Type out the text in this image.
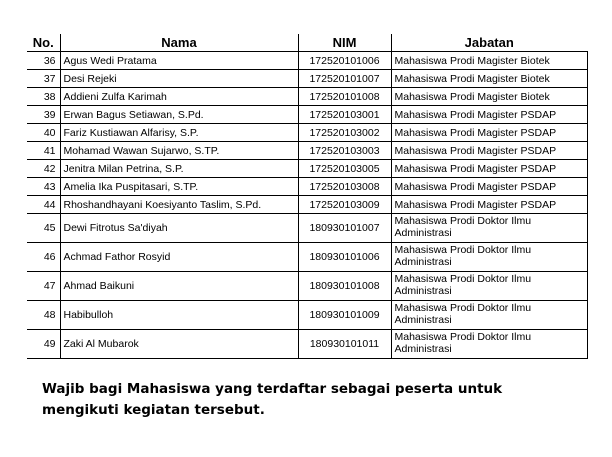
No.	Nama	NIM	Jabatan
36	Agus Wedi Pratama	172520101006	Mahasiswa Prodi Magister Biotek
37	Desi Rejeki	172520101007	Mahasiswa Prodi Magister Biotek
38	Addieni Zulfa Karimah	172520101008	Mahasiswa Prodi Magister Biotek
39	Erwan Bagus Setiawan, S.Pd.	172520103001	Mahasiswa Prodi Magister PSDAP
40	Fariz Kustiawan Alfarisy, S.P.	172520103002	Mahasiswa Prodi Magister PSDAP
41	Mohamad Wawan Sujarwo, S.TP.	172520103003	Mahasiswa Prodi Magister PSDAP
42	Jenitra Milan Petrina, S.P.	172520103005	Mahasiswa Prodi Magister PSDAP
43	Amelia Ika Puspitasari, S.TP.	172520103008	Mahasiswa Prodi Magister PSDAP
44	Rhoshandhayani Koesiyanto Taslim, S.Pd.	172520103009	Mahasiswa Prodi Magister PSDAP
45	Dewi Fitrotus Sa'diyah	180930101007	Mahasiswa Prodi Doktor Ilmu Administrasi
46	Achmad Fathor Rosyid	180930101006	Mahasiswa Prodi Doktor Ilmu Administrasi
47	Ahmad Baikuni	180930101008	Mahasiswa Prodi Doktor Ilmu Administrasi
48	Habibulloh	180930101009	Mahasiswa Prodi Doktor Ilmu Administrasi
49	Zaki Al Mubarok	180930101011	Mahasiswa Prodi Doktor Ilmu Administrasi
Wajib bagi Mahasiswa yang terdaftar sebagai peserta untuk
mengikuti kegiatan tersebut.
